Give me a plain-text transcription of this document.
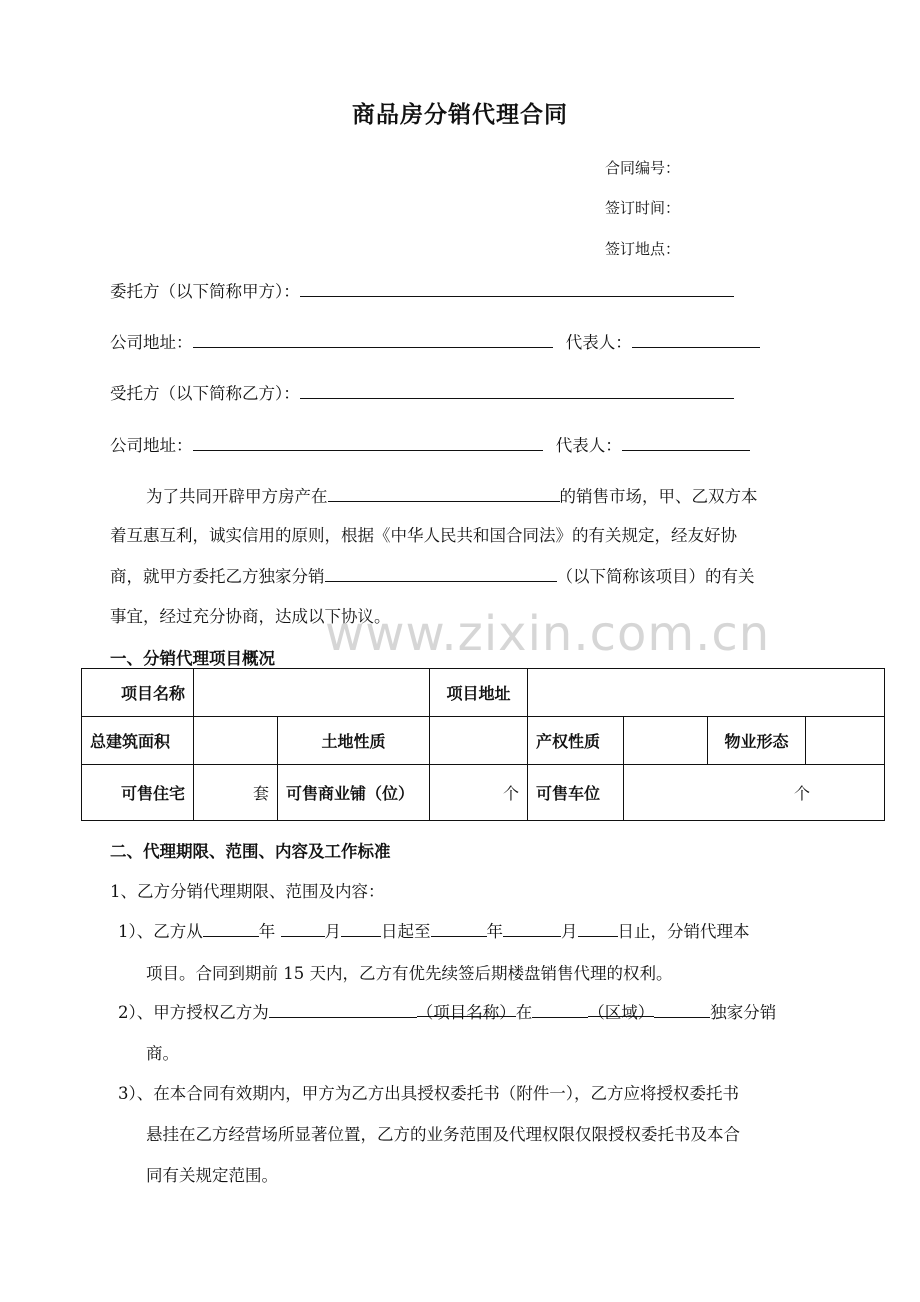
商品房分销代理合同
合同编号：
签订时间：
签订地点：
委托方（以下简称甲方）：
公司地址：	代表人：
受托方（以下简称乙方）：
公司地址：	代表人：
为了共同开辟甲方房产在	的销售市场，甲、乙双方本
着互惠互利，诚实信用的原则，根据《中华人民共和国合同法》的有关规定，经友好协
商，就甲方委托乙方独家分销	（以下简称该项目）的有关
事宜，经过充分协商，达成以下协议。
www.zixin.com.cn
一、分销代理项目概况
项目名称			项目地址				
总建筑面积		土地性质		产权性质		物业形态	
可售住宅	套	可售商业铺（位）	个	可售车位	个		
二、代理期限、范围、内容及工作标准
1、乙方分销代理期限、范围及内容：
1）、乙方从	年	月 日起至	年	月 日止，分销代理本
项目。合同到期前 15 天内，乙方有优先续签后期楼盘销售代理的权利。
2）、甲方授权乙方为	（项目名称）在	（区域）	独家分销
商。
3）、在本合同有效期内，甲方为乙方出具授权委托书（附件一），乙方应将授权委托书
悬挂在乙方经营场所显著位置，乙方的业务范围及代理权限仅限授权委托书及本合
同有关规定范围。
